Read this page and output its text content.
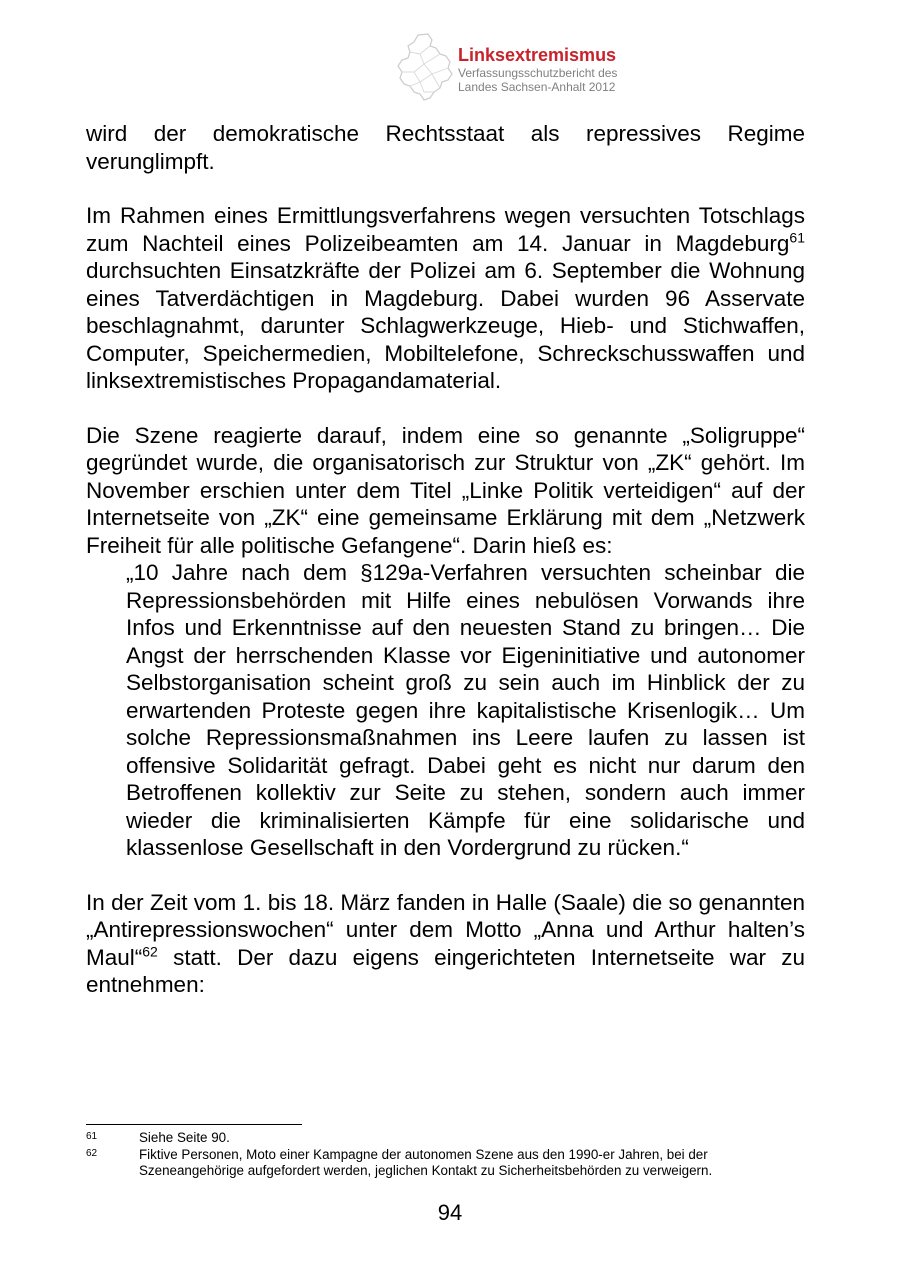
Linksextremismus
Verfassungsschutzbericht des
Landes Sachsen-Anhalt 2012

wird der demokratische Rechtsstaat als repressives Regime verunglimpft.

Im Rahmen eines Ermittlungsverfahrens wegen versuchten Totschlags zum Nachteil eines Polizeibeamten am 14. Januar in Magdeburg$^{61}$ durchsuchten Einsatzkräfte der Polizei am 6. September die Wohnung eines Tatverdächtigen in Magdeburg. Dabei wurden 96 Asservate beschlagnahmt, darunter Schlagwerkzeuge, Hieb- und Stichwaffen, Computer, Speichermedien, Mobiltelefone, Schreckschusswaffen und linksextremistisches Propagandamaterial.

Die Szene reagierte darauf, indem eine so genannte „Soligruppe“ gegründet wurde, die organisatorisch zur Struktur von „ZK“ gehört. Im November erschien unter dem Titel „Linke Politik verteidigen“ auf der Internetseite von „ZK“ eine gemeinsame Erklärung mit dem „Netzwerk Freiheit für alle politische Gefangene“. Darin hieß es:

„10 Jahre nach dem §129a-Verfahren versuchten scheinbar die Repressionsbehörden mit Hilfe eines nebulösen Vorwands ihre Infos und Erkenntnisse auf den neuesten Stand zu bringen… Die Angst der herrschenden Klasse vor Eigeninitiative und autonomer Selbstorganisation scheint groß zu sein auch im Hinblick der zu erwartenden Proteste gegen ihre kapitalistische Krisenlogik… Um solche Repressionsmaßnahmen ins Leere laufen zu lassen ist offensive Solidarität gefragt. Dabei geht es nicht nur darum den Betroffenen kollektiv zur Seite zu stehen, sondern auch immer wieder die kriminalisierten Kämpfe für eine solidarische und klassenlose Gesellschaft in den Vordergrund zu rücken.“

In der Zeit vom 1. bis 18. März fanden in Halle (Saale) die so genannten „Antirepressionswochen“ unter dem Motto „Anna und Arthur halten’s Maul“$^{62}$ statt. Der dazu eigens eingerichteten Internetseite war zu entnehmen:

61	Siehe Seite 90.
62	Fiktive Personen, Moto einer Kampagne der autonomen Szene aus den 1990-er Jahren, bei der Szeneangehörige aufgefordert werden, jeglichen Kontakt zu Sicherheitsbehörden zu verweigern.
94
